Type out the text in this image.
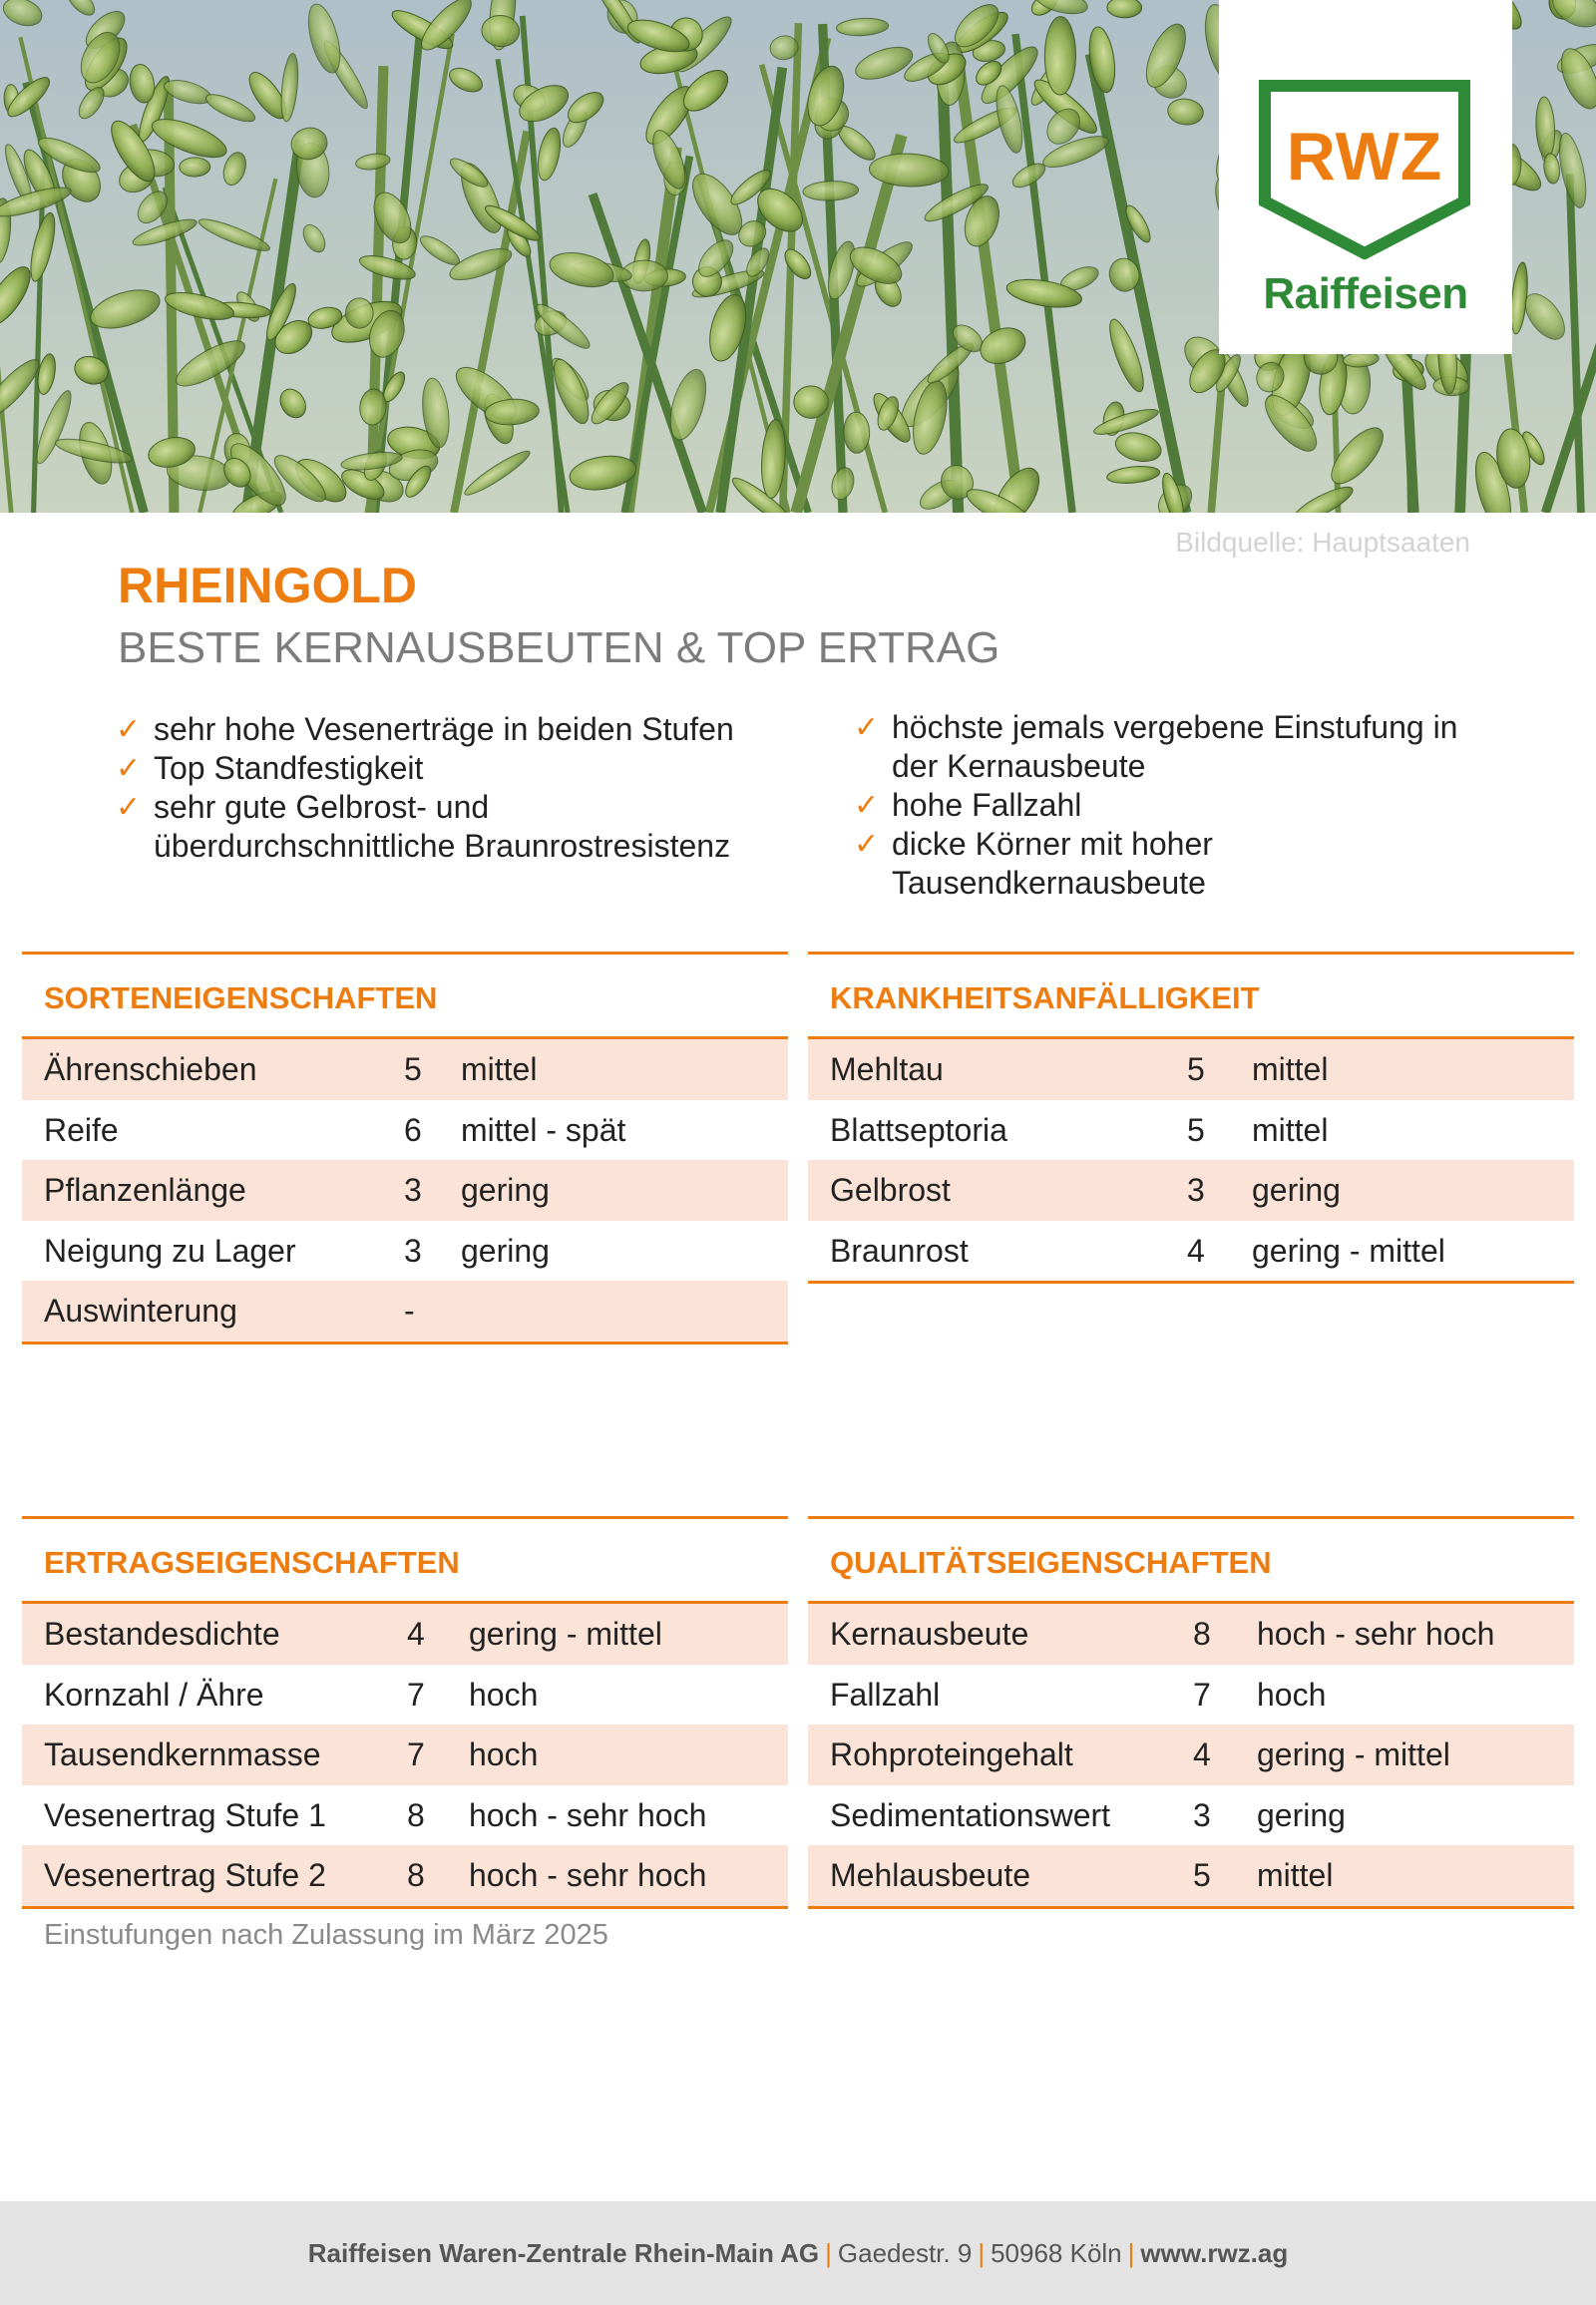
RWZ
Raiffeisen
Bildquelle: Hauptsaaten
RHEINGOLD
BESTE KERNAUSBEUTEN & TOP ERTRAG
✓ sehr hohe Vesenerträge in beiden Stufen
✓ Top Standfestigkeit
✓ sehr gute Gelbrost- und
überdurchschnittliche Braunrostresistenz
✓ höchste jemals vergebene Einstufung in
der Kernausbeute
✓ hohe Fallzahl
✓ dicke Körner mit hoher
Tausendkernausbeute
SORTENEIGENSCHAFTEN
Ährenschieben	5 mittel
Reife	6 mittel - spät
Pflanzenlänge	3 gering
Neigung zu Lager	3 gering
Auswinterung	-
KRANKHEITSANFÄLLIGKEIT
Mehltau	5 mittel
Blattseptoria	5 mittel
Gelbrost	3 gering
Braunrost	4 gering - mittel
ERTRAGSEIGENSCHAFTEN
Bestandesdichte	4 gering - mittel
Kornzahl / Ähre	7 hoch
Tausendkernmasse	7 hoch
Vesenertrag Stufe 1	8 hoch - sehr hoch
Vesenertrag Stufe 2	8 hoch - sehr hoch
QUALITÄTSEIGENSCHAFTEN
Kernausbeute	8 hoch - sehr hoch
Fallzahl	7 hoch
Rohproteingehalt	4 gering - mittel
Sedimentationswert	3 gering
Mehlausbeute	5 mittel
Einstufungen nach Zulassung im März 2025
Raiffeisen Waren-Zentrale Rhein-Main AG | Gaedestr. 9 | 50968 Köln | www.rwz.ag
